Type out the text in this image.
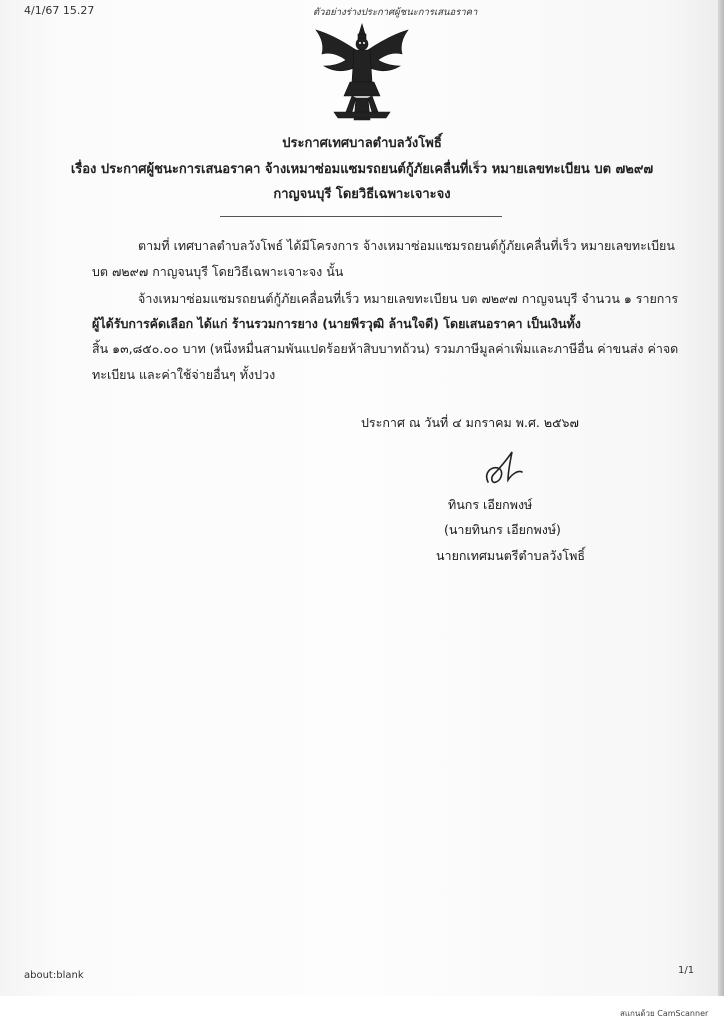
4/1/67 15.27	ตัวอย่างร่างประกาศผู้ชนะการเสนอราคา
ประกาศเทศบาลตำบลวังโพธิ์
เรื่อง ประกาศผู้ชนะการเสนอราคา จ้างเหมาซ่อมแซมรถยนต์กู้ภัยเคลื่นที่เร็ว หมายเลขทะเบียน บต ๗๒๙๗
กาญจนบุรี โดยวิธีเฉพาะเจาะจง
ตามที่ เทศบาลตำบลวังโพธ์ ได้มีโครงการ จ้างเหมาซ่อมแซมรถยนต์กู้ภัยเคลื่นที่เร็ว หมายเลขทะเบียน
บต ๗๒๙๗ กาญจนบุรี โดยวิธีเฉพาะเจาะจง นั้น
จ้างเหมาซ่อมแซมรถยนต์กู้ภัยเคลื่อนที่เร็ว หมายเลขทะเบียน บต ๗๒๙๗ กาญจนบุรี จำนวน ๑ รายการ
ผู้ได้รับการคัดเลือก ได้แก่ ร้านรวมการยาง (นายพีรวุฒิ ล้านใจดี) โดยเสนอราคา เป็นเงินทั้ง
สิ้น ๑๓,๘๕๐.๐๐ บาท (หนึ่งหมื่นสามพันแปดร้อยห้าสิบบาทถ้วน) รวมภาษีมูลค่าเพิ่มและภาษีอื่น ค่าขนส่ง ค่าจด
ทะเบียน และค่าใช้จ่ายอื่นๆ ทั้งปวง
ประกาศ ณ วันที่ ๔ มกราคม พ.ศ. ๒๕๖๗
ทินกร เอียกพงษ์
(นายทินกร เอียกพงษ์)
นายกเทศมนตรีตำบลวังโพธิ์
about:blank	1/1
สแกนด้วย CamScanner
